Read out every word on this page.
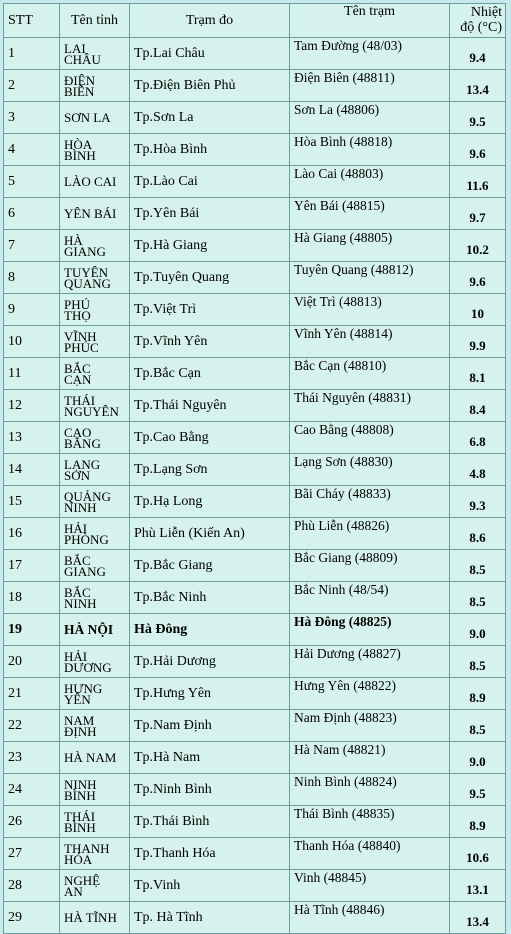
STT	Tên tỉnh	Trạm đo	Tên trạm	Nhiệt
độ (°C)

1	LAI
CHÂU	Tp.Lai Châu	Tam Đường (48/03)	9.4
2	ĐIỆN
BIÊN	Tp.Điện Biên Phủ	Điện Biên (48811)	13.4
3	SƠN LA	Tp.Sơn La	Sơn La (48806)	9.5
4	HÒA
BÌNH	Tp.Hòa Bình	Hòa Bình (48818)	9.6
5	LÀO CAI	Tp.Lào Cai	Lào Cai (48803)	11.6
6	YÊN BÁI	Tp.Yên Bái	Yên Bái (48815)	9.7
7	HÀ
GIANG	Tp.Hà Giang	Hà Giang (48805)	10.2
8	TUYÊN
QUANG	Tp.Tuyên Quang	Tuyên Quang (48812)	9.6
9	PHÚ
THỌ	Tp.Việt Trì	Việt Trì (48813)	10
10	VĨNH
PHÚC	Tp.Vĩnh Yên	Vĩnh Yên (48814)	9.9
11	BẮC
CẠN	Tp.Bắc Cạn	Bắc Cạn (48810)	8.1
12	THÁI
NGUYÊN	Tp.Thái Nguyên	Thái Nguyên (48831)	8.4
13	CAO
BẰNG	Tp.Cao Bằng	Cao Bằng (48808)	6.8
14	LẠNG
SƠN	Tp.Lạng Sơn	Lạng Sơn (48830)	4.8
15	QUẢNG
NINH	Tp.Hạ Long	Bãi Cháy (48833)	9.3
16	HẢI
PHÒNG	Phù Liễn (Kiến An)	Phù Liễn (48826)	8.6
17	BẮC
GIANG	Tp.Bắc Giang	Bắc Giang (48809)	8.5
18	BẮC
NINH	Tp.Bắc Ninh	Bắc Ninh (48/54)	8.5
19	HÀ NỘI	Hà Đông	Hà Đông (48825)	9.0
20	HẢI
DƯƠNG	Tp.Hải Dương	Hải Dương (48827)	8.5
21	HƯNG
YÊN	Tp.Hưng Yên	Hưng Yên (48822)	8.9
22	NAM
ĐỊNH	Tp.Nam Định	Nam Định (48823)	8.5
23	HÀ NAM	Tp.Hà Nam	Hà Nam (48821)	9.0
24	NINH
BÌNH	Tp.Ninh Bình	Ninh Bình (48824)	9.5
26	THÁI
BÌNH	Tp.Thái Bình	Thái Bình (48835)	8.9
27	THANH
HÓA	Tp.Thanh Hóa	Thanh Hóa (48840)	10.6
28	NGHỆ
AN	Tp.Vinh	Vinh (48845)	13.1
29	HÀ TĨNH	Tp. Hà Tĩnh	Hà Tĩnh (48846)	13.4
